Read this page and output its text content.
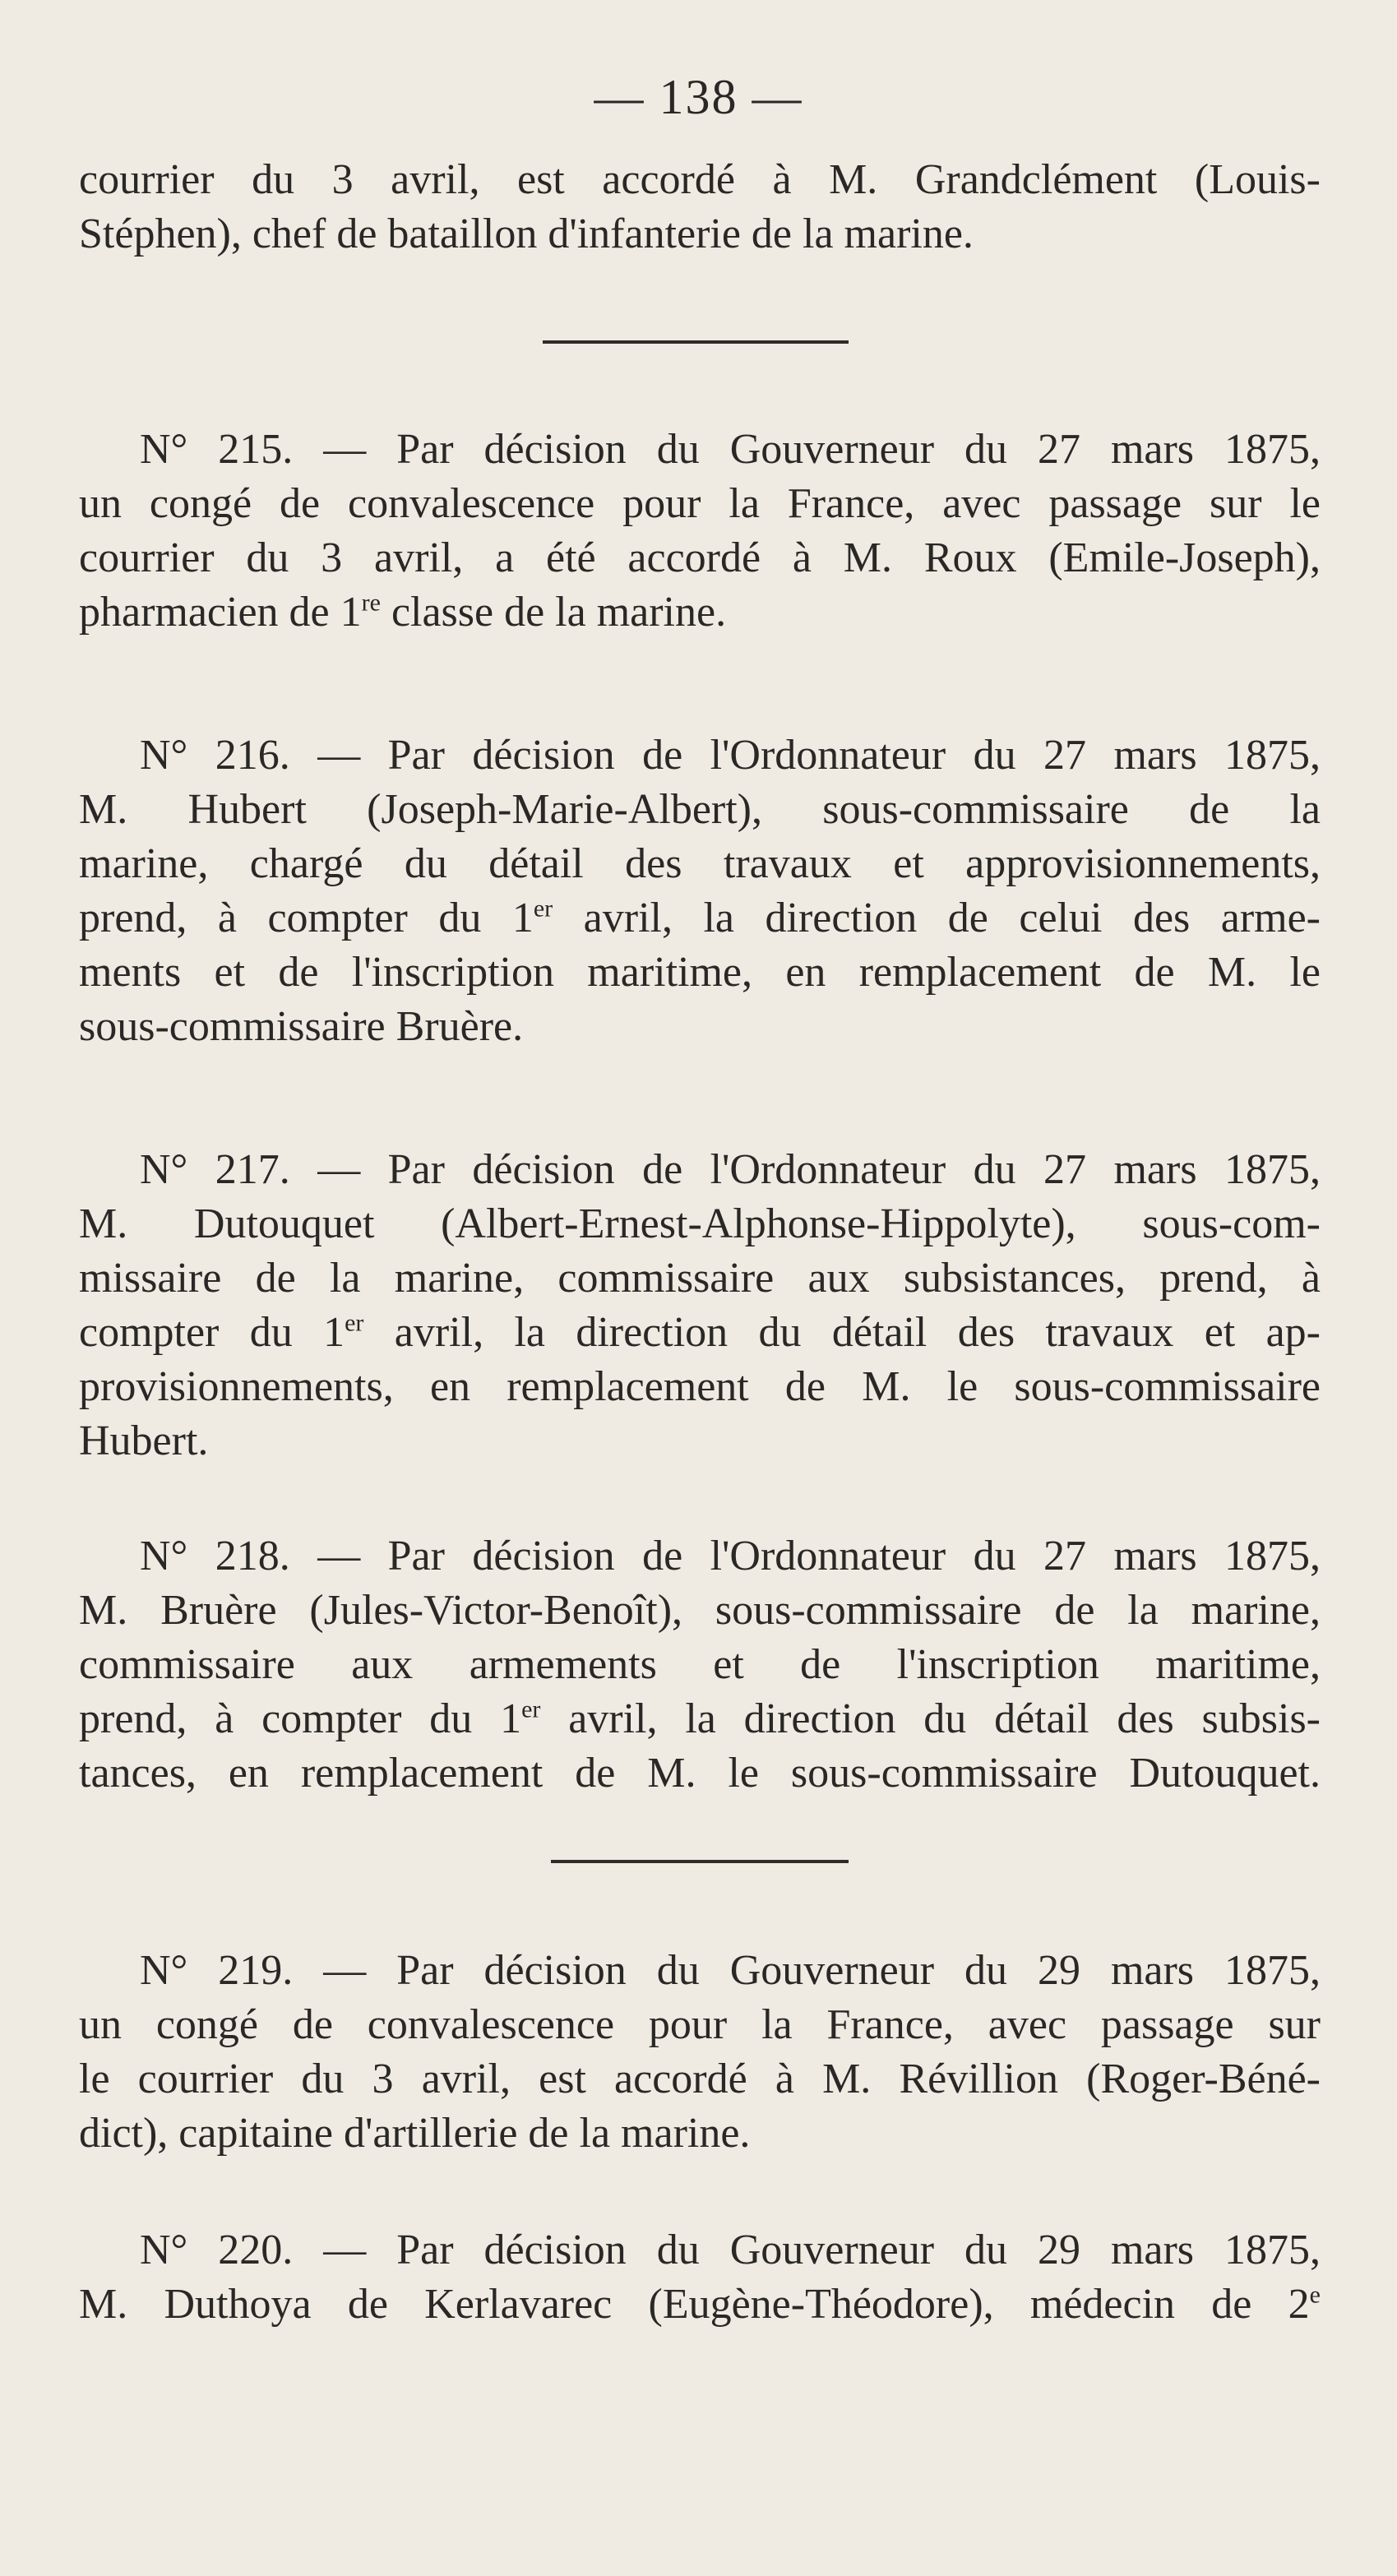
— 138 —
courrier du 3 avril, est accordé à M. Grandclément (Louis-
Stéphen), chef de bataillon d'infanterie de la marine.
N° 215. — Par décision du Gouverneur du 27 mars 1875,
un congé de convalescence pour la France, avec passage sur le
courrier du 3 avril, a été accordé à M. Roux (Emile-Joseph),
pharmacien de 1re classe de la marine.
N° 216. — Par décision de l'Ordonnateur du 27 mars 1875,
M. Hubert (Joseph-Marie-Albert), sous-commissaire de la
marine, chargé du détail des travaux et approvisionnements,
prend, à compter du 1er avril, la direction de celui des arme-
ments et de l'inscription maritime, en remplacement de M. le
sous-commissaire Bruère.
N° 217. — Par décision de l'Ordonnateur du 27 mars 1875,
M. Dutouquet (Albert-Ernest-Alphonse-Hippolyte), sous-com-
missaire de la marine, commissaire aux subsistances, prend, à
compter du 1er avril, la direction du détail des travaux et ap-
provisionnements, en remplacement de M. le sous-commissaire
Hubert.
N° 218. — Par décision de l'Ordonnateur du 27 mars 1875,
M. Bruère (Jules-Victor-Benoît), sous-commissaire de la marine,
commissaire aux armements et de l'inscription maritime,
prend, à compter du 1er avril, la direction du détail des subsis-
tances, en remplacement de M. le sous-commissaire Dutouquet.
N° 219. — Par décision du Gouverneur du 29 mars 1875,
un congé de convalescence pour la France, avec passage sur
le courrier du 3 avril, est accordé à M. Révillion (Roger-Béné-
dict), capitaine d'artillerie de la marine.
N° 220. — Par décision du Gouverneur du 29 mars 1875,
M. Duthoya de Kerlavarec (Eugène-Théodore), médecin de 2e
